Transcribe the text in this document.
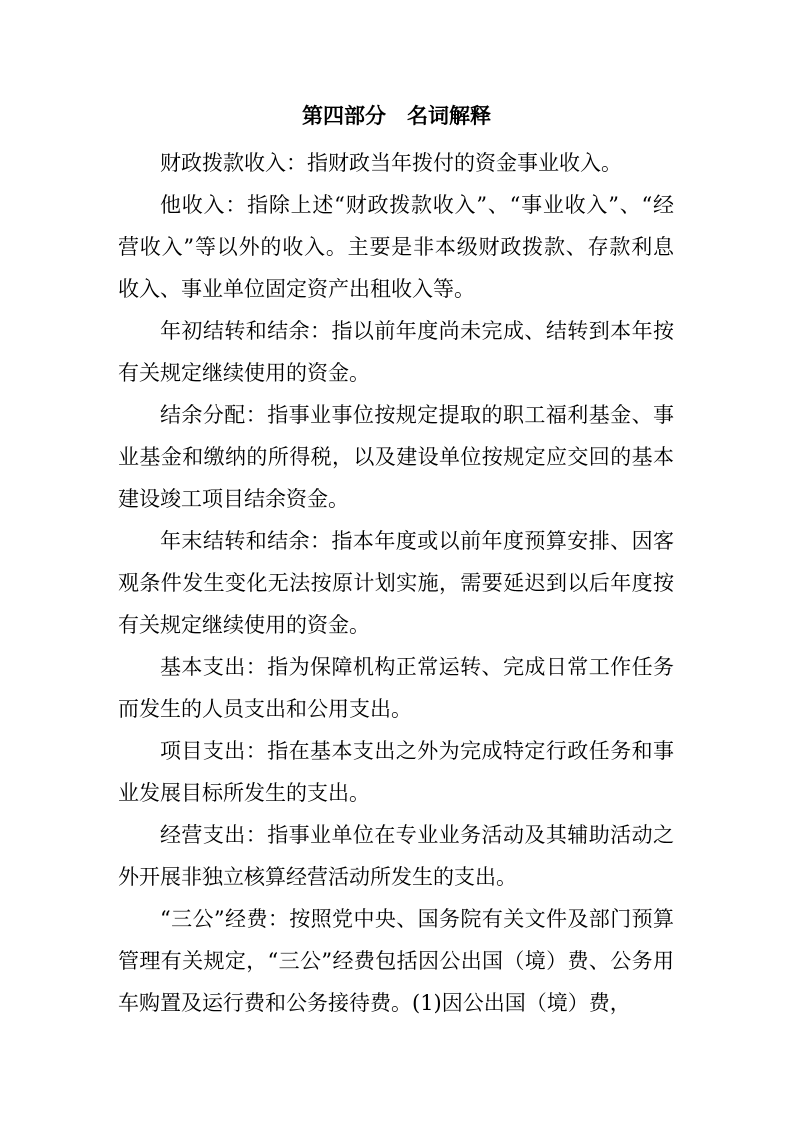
第四部分　名词解释

财政拨款收入：指财政当年拨付的资金事业收入。

他收入：指除上述“财政拨款收入”、“事业收入”、“经营收入”等以外的收入。主要是非本级财政拨款、存款利息收入、事业单位固定资产出租收入等。

年初结转和结余：指以前年度尚未完成、结转到本年按有关规定继续使用的资金。

结余分配：指事业事位按规定提取的职工福利基金、事业基金和缴纳的所得税，以及建设单位按规定应交回的基本建设竣工项目结余资金。

年末结转和结余：指本年度或以前年度预算安排、因客观条件发生变化无法按原计划实施，需要延迟到以后年度按有关规定继续使用的资金。

基本支出：指为保障机构正常运转、完成日常工作任务而发生的人员支出和公用支出。

项目支出：指在基本支出之外为完成特定行政任务和事业发展目标所发生的支出。

经营支出：指事业单位在专业业务活动及其辅助活动之外开展非独立核算经营活动所发生的支出。

“三公”经费：按照党中央、国务院有关文件及部门预算管理有关规定，“三公”经费包括因公出国（境）费、公务用车购置及运行费和公务接待费。(1)因公出国（境）费，
